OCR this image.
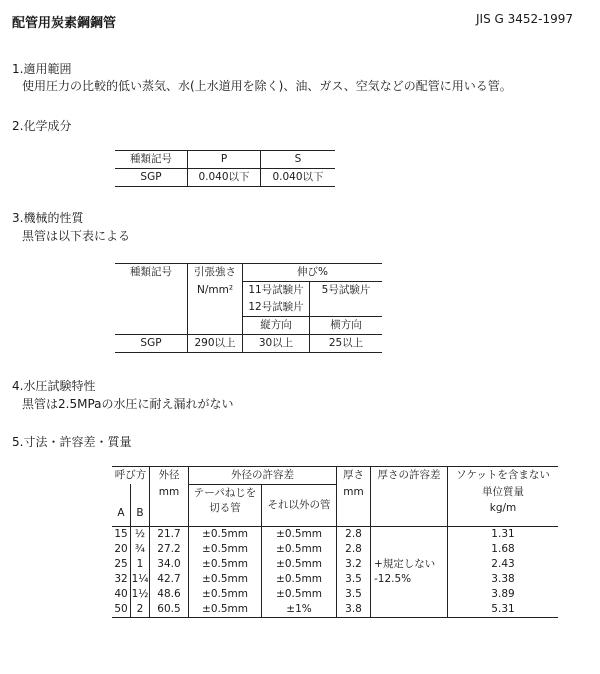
配管用炭素鋼鋼管	JIS G 3452-1997
1.適用範囲
使用圧力の比較的低い蒸気、水(上水道用を除く)、油、ガス、空気などの配管に用いる管。
2.化学成分
種類記号	P	S
SGP	0.040以下	0.040以下
3.機械的性質
黒管は以下表による
種類記号	引張強さ	伸び%	
	N/mm²	11号試験片	5号試験片
		12号試験片	
		縦方向	横方向
SGP	290以上	30以上	25以上
4.水圧試験特性
黒管は2.5MPaの水圧に耐え漏れがない
5.寸法・許容差・質量
呼び方		外径	外径の許容差		厚さ	厚さの許容差	ソケットを含まない
		mm	テーパねじを	それ以外の管	mm		単位質量
A	B		切る管				kg/m
15	½	21.7	±0.5mm	±0.5mm	2.8		1.31
20	¾	27.2	±0.5mm	±0.5mm	2.8		1.68
25	1	34.0	±0.5mm	±0.5mm	3.2	+規定しない	2.43
32	1¼	42.7	±0.5mm	±0.5mm	3.5	-12.5%	3.38
40	1½	48.6	±0.5mm	±0.5mm	3.5		3.89
50	2	60.5	±0.5mm	±1%	3.8		5.31
